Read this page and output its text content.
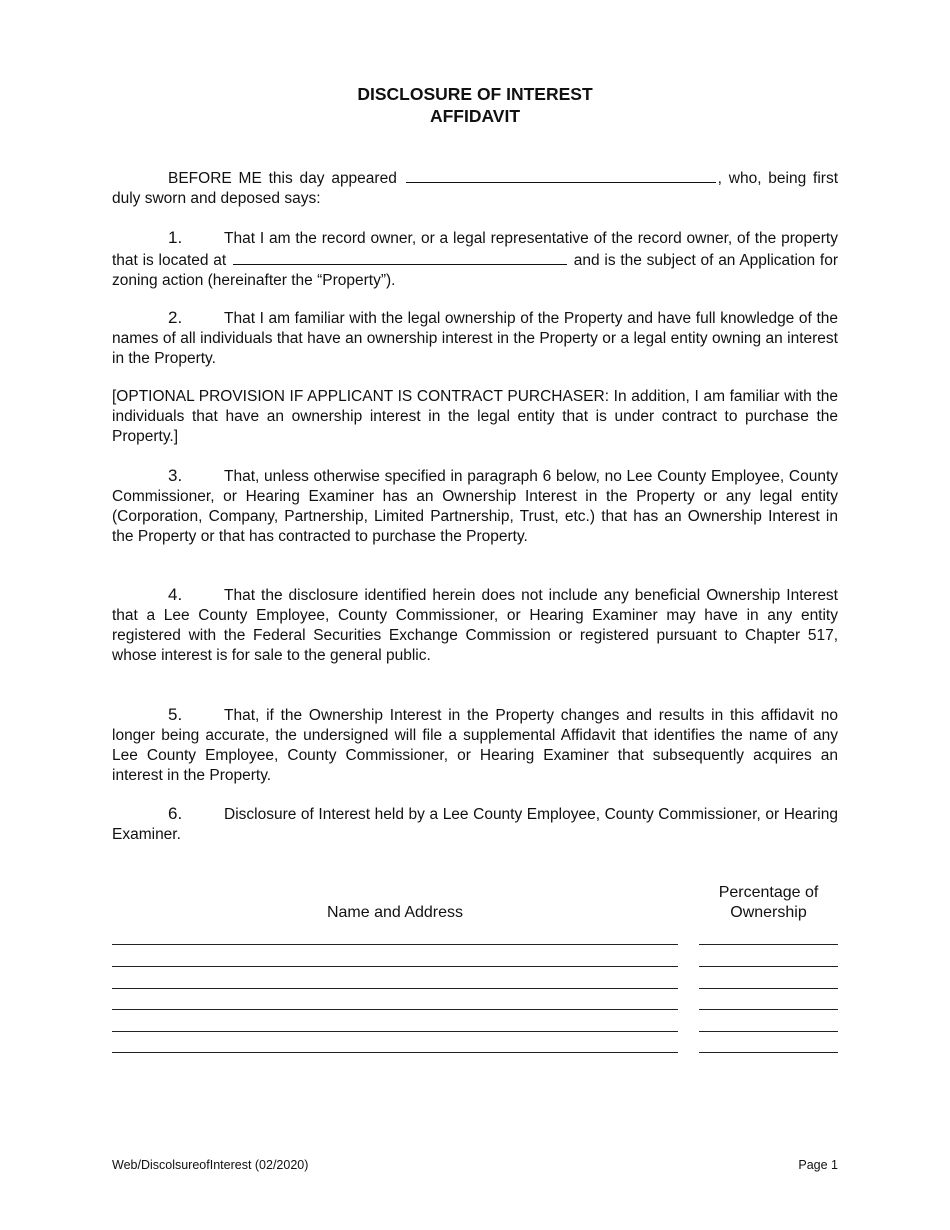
DISCLOSURE OF INTEREST
AFFIDAVIT
BEFORE ME this day appeared	, who, being first duly sworn and deposed says:
1.	That I am the record owner, or a legal representative of the record owner, of the property that is located at	and is the subject of an Application for zoning action (hereinafter the “Property”).
2.	That I am familiar with the legal ownership of the Property and have full knowledge of the names of all individuals that have an ownership interest in the Property or a legal entity owning an interest in the Property.
[OPTIONAL PROVISION IF APPLICANT IS CONTRACT PURCHASER: In addition, I am familiar with the individuals that have an ownership interest in the legal entity that is under contract to purchase the Property.]
3.	That, unless otherwise specified in paragraph 6 below, no Lee County Employee, County Commissioner, or Hearing Examiner has an Ownership Interest in the Property or any legal entity (Corporation, Company, Partnership, Limited Partnership, Trust, etc.) that has an Ownership Interest in the Property or that has contracted to purchase the Property.
4.	That the disclosure identified herein does not include any beneficial Ownership Interest that a Lee County Employee, County Commissioner, or Hearing Examiner may have in any entity registered with the Federal Securities Exchange Commission or registered pursuant to Chapter 517, whose interest is for sale to the general public.
5.	That, if the Ownership Interest in the Property changes and results in this affidavit no longer being accurate, the undersigned will file a supplemental Affidavit that identifies the name of any Lee County Employee, County Commissioner, or Hearing Examiner that subsequently acquires an interest in the Property.
6.	Disclosure of Interest held by a Lee County Employee, County Commissioner, or Hearing Examiner.
Name and Address
Percentage of
Ownership
Web/DiscolsureofInterest (02/2020)	Page 1
